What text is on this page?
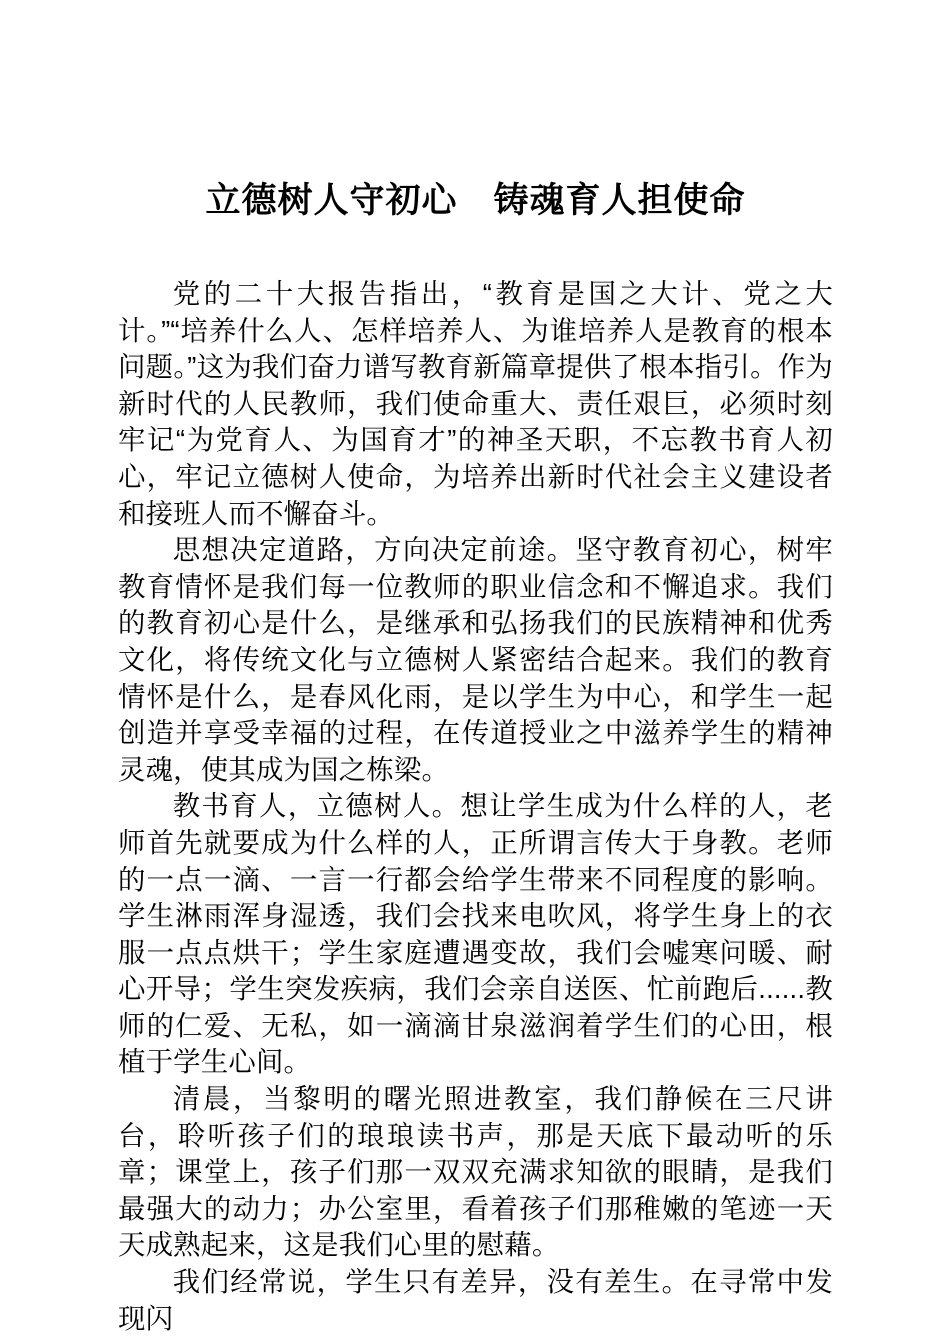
立德树人守初心　铸魂育人担使命

党的二十大报告指出，“教育是国之大计、党之大计。”“培养什么人、怎样培养人、为谁培养人是教育的根本问题。”这为我们奋力谱写教育新篇章提供了根本指引。作为新时代的人民教师，我们使命重大、责任艰巨，必须时刻牢记“为党育人、为国育才”的神圣天职，不忘教书育人初心，牢记立德树人使命，为培养出新时代社会主义建设者和接班人而不懈奋斗。

思想决定道路，方向决定前途。坚守教育初心，树牢教育情怀是我们每一位教师的职业信念和不懈追求。我们的教育初心是什么，是继承和弘扬我们的民族精神和优秀文化，将传统文化与立德树人紧密结合起来。我们的教育情怀是什么，是春风化雨，是以学生为中心，和学生一起创造并享受幸福的过程，在传道授业之中滋养学生的精神灵魂，使其成为国之栋梁。

教书育人，立德树人。想让学生成为什么样的人，老师首先就要成为什么样的人，正所谓言传大于身教。老师的一点一滴、一言一行都会给学生带来不同程度的影响。学生淋雨浑身湿透，我们会找来电吹风，将学生身上的衣服一点点烘干；学生家庭遭遇变故，我们会嘘寒问暖、耐心开导；学生突发疾病，我们会亲自送医、忙前跑后......教师的仁爱、无私，如一滴滴甘泉滋润着学生们的心田，根植于学生心间。

清晨，当黎明的曙光照进教室，我们静候在三尺讲台，聆听孩子们的琅琅读书声，那是天底下最动听的乐章；课堂上，孩子们那一双双充满求知欲的眼睛，是我们最强大的动力；办公室里，看着孩子们那稚嫩的笔迹一天天成熟起来，这是我们心里的慰藉。

我们经常说，学生只有差异，没有差生。在寻常中发现闪
